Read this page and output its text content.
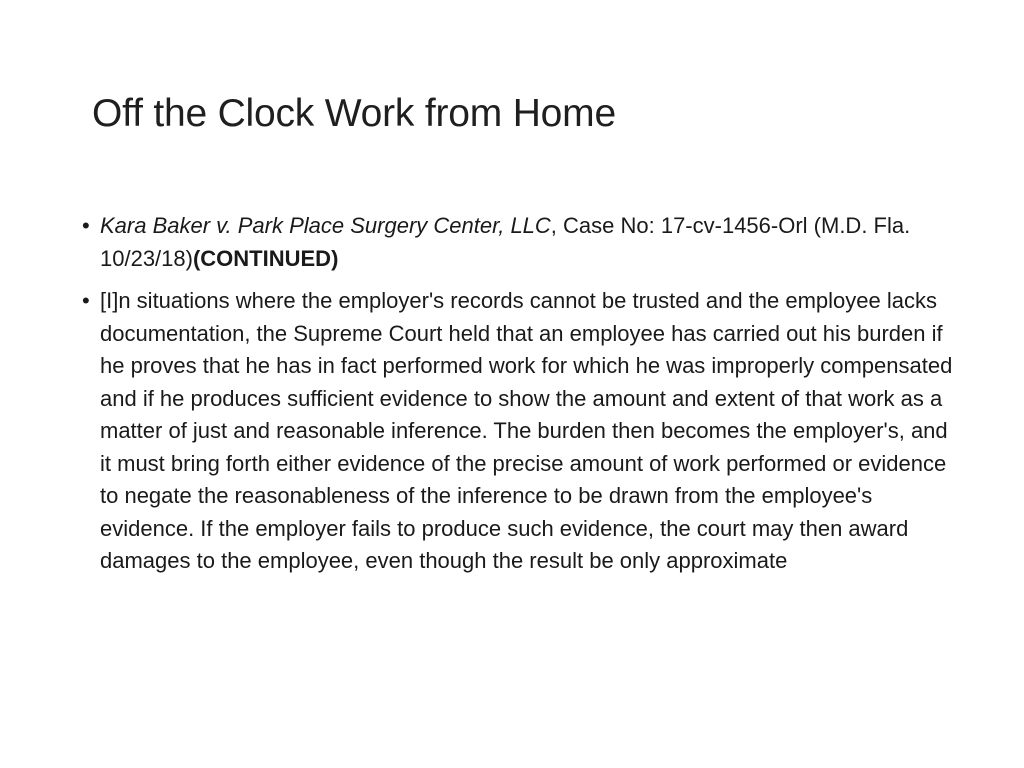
Off the Clock Work from Home
• Kara Baker v. Park Place Surgery Center, LLC, Case No: 17-cv-1456-Orl (M.D. Fla. 10/23/18)(CONTINUED)
• [I]n situations where the employer's records cannot be trusted and the employee lacks documentation, the Supreme Court held that an employee has carried out his burden if he proves that he has in fact performed work for which he was improperly compensated and if he produces sufficient evidence to show the amount and extent of that work as a matter of just and reasonable inference. The burden then becomes the employer's, and it must bring forth either evidence of the precise amount of work performed or evidence to negate the reasonableness of the inference to be drawn from the employee's evidence. If the employer fails to produce such evidence, the court may then award damages to the employee, even though the result be only approximate
